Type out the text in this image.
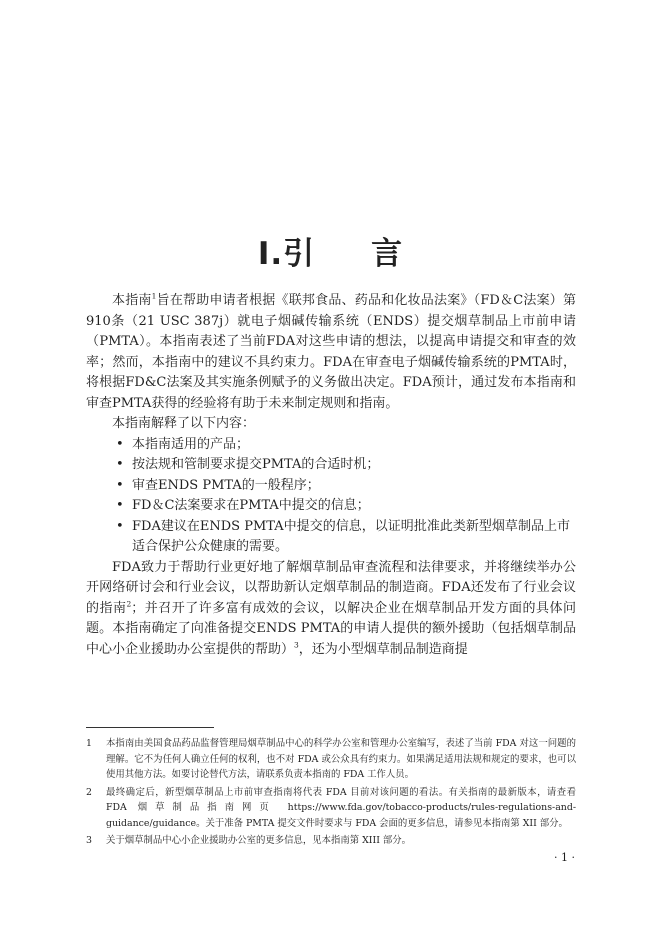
I.引 言

本指南$^1$旨在帮助申请者根据《联邦食品、药品和化妆品法案》（FD＆C法案）第910条（21 USC 387j）就电子烟碱传输系统（ENDS）提交烟草制品上市前申请（PMTA）。本指南表述了当前FDA对这些申请的想法，以提高申请提交和审查的效率；然而，本指南中的建议不具约束力。FDA在审查电子烟碱传输系统的PMTA时，将根据FD&C法案及其实施条例赋予的义务做出决定。FDA预计，通过发布本指南和审查PMTA获得的经验将有助于未来制定规则和指南。

本指南解释了以下内容：

• 本指南适用的产品；
• 按法规和管制要求提交PMTA的合适时机；
• 审查ENDS PMTA的一般程序；
• FD＆C法案要求在PMTA中提交的信息；
• FDA建议在ENDS PMTA中提交的信息，以证明批准此类新型烟草制品上市适合保护公众健康的需要。

FDA致力于帮助行业更好地了解烟草制品审查流程和法律要求，并将继续举办公开网络研讨会和行业会议，以帮助新认定烟草制品的制造商。FDA还发布了行业会议的指南$^2$；并召开了许多富有成效的会议，以解决企业在烟草制品开发方面的具体问题。本指南确定了向准备提交ENDS PMTA的申请人提供的额外援助（包括烟草制品中心小企业援助办公室提供的帮助）$^3$，还为小型烟草制品制造商提

1 本指南由美国食品药品监督管理局烟草制品中心的科学办公室和管理办公室编写，表述了当前 FDA 对这一问题的理解。它不为任何人确立任何的权利，也不对 FDA 或公众具有约束力。如果满足适用法规和规定的要求，也可以使用其他方法。如要讨论替代方法，请联系负责本指南的 FDA 工作人员。
2 最终确定后，新型烟草制品上市前审查指南将代表 FDA 目前对该问题的看法。有关指南的最新版本，请查看 FDA 烟草制品指南网页 https://www.fda.gov/tobacco-products/rules-regulations-and-guidance/guidance。关于准备 PMTA 提交文件时要求与 FDA 会面的更多信息，请参见本指南第 XII 部分。
3 关于烟草制品中心小企业援助办公室的更多信息，见本指南第 XIII 部分。
· 1 ·
